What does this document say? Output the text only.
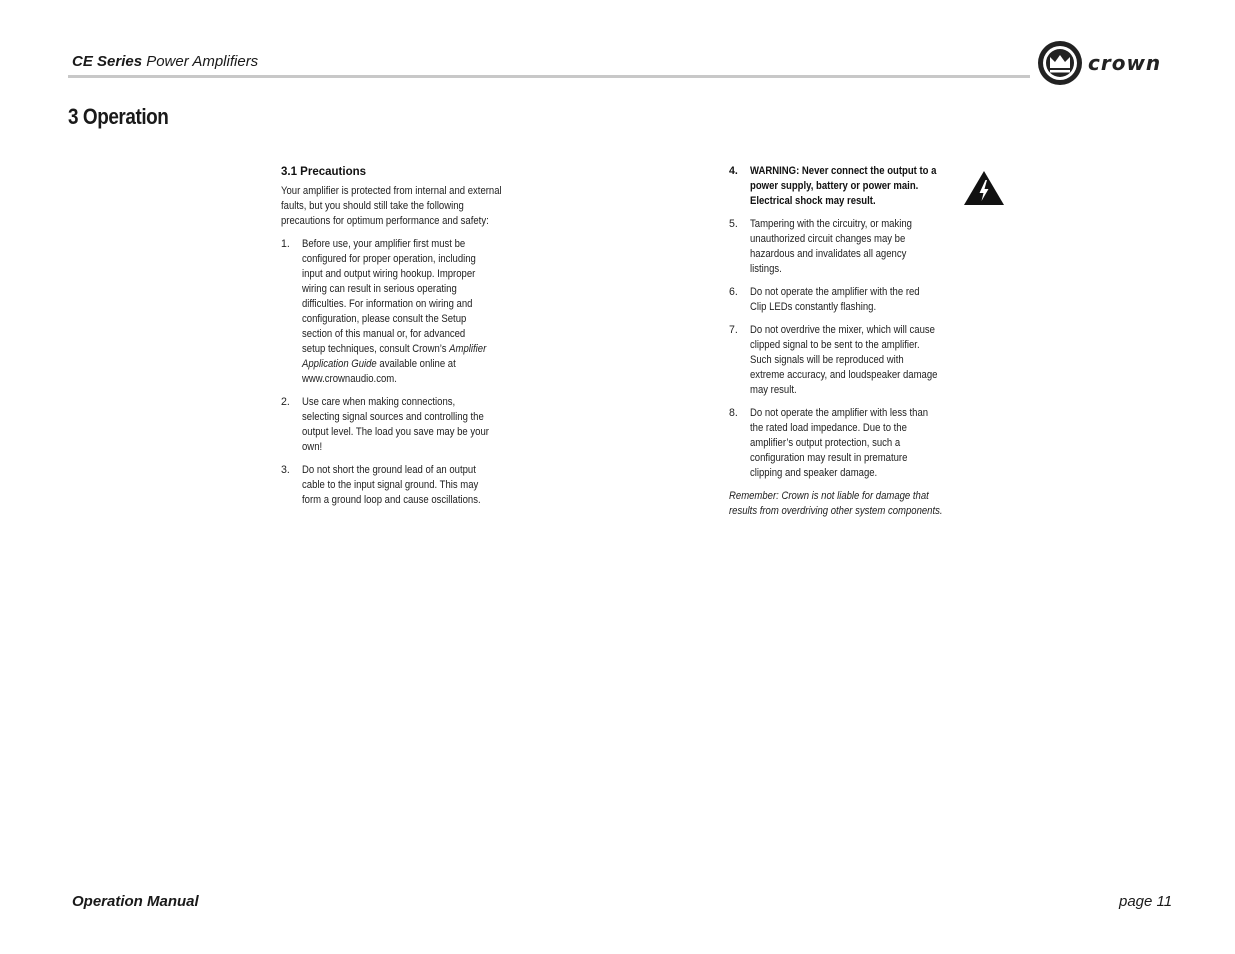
CE Series Power Amplifiers	crown
3 Operation
3.1 Precautions
Your amplifier is protected from internal and external faults, but you should still take the following precautions for optimum performance and safety:
1.	Before use, your amplifier first must be configured for proper operation, including input and output wiring hookup. Improper wiring can result in serious operating difficulties. For information on wiring and configuration, please consult the Setup section of this manual or, for advanced setup techniques, consult Crown’s Amplifier Application Guide available online at www.crownaudio.com.
2.	Use care when making connections, selecting signal sources and controlling the output level. The load you save may be your own!
3.	Do not short the ground lead of an output cable to the input signal ground. This may form a ground loop and cause oscillations.
4.	WARNING: Never connect the output to a power supply, battery or power main. Electrical shock may result.
5.	Tampering with the circuitry, or making unauthorized circuit changes may be hazardous and invalidates all agency listings.
6.	Do not operate the amplifier with the red Clip LEDs constantly flashing.
7.	Do not overdrive the mixer, which will cause clipped signal to be sent to the amplifier. Such signals will be reproduced with extreme accuracy, and loudspeaker damage may result.
8.	Do not operate the amplifier with less than the rated load impedance. Due to the amplifier’s output protection, such a configuration may result in premature clipping and speaker damage.
Remember: Crown is not liable for damage that results from overdriving other system components.
Operation Manual	page 11
